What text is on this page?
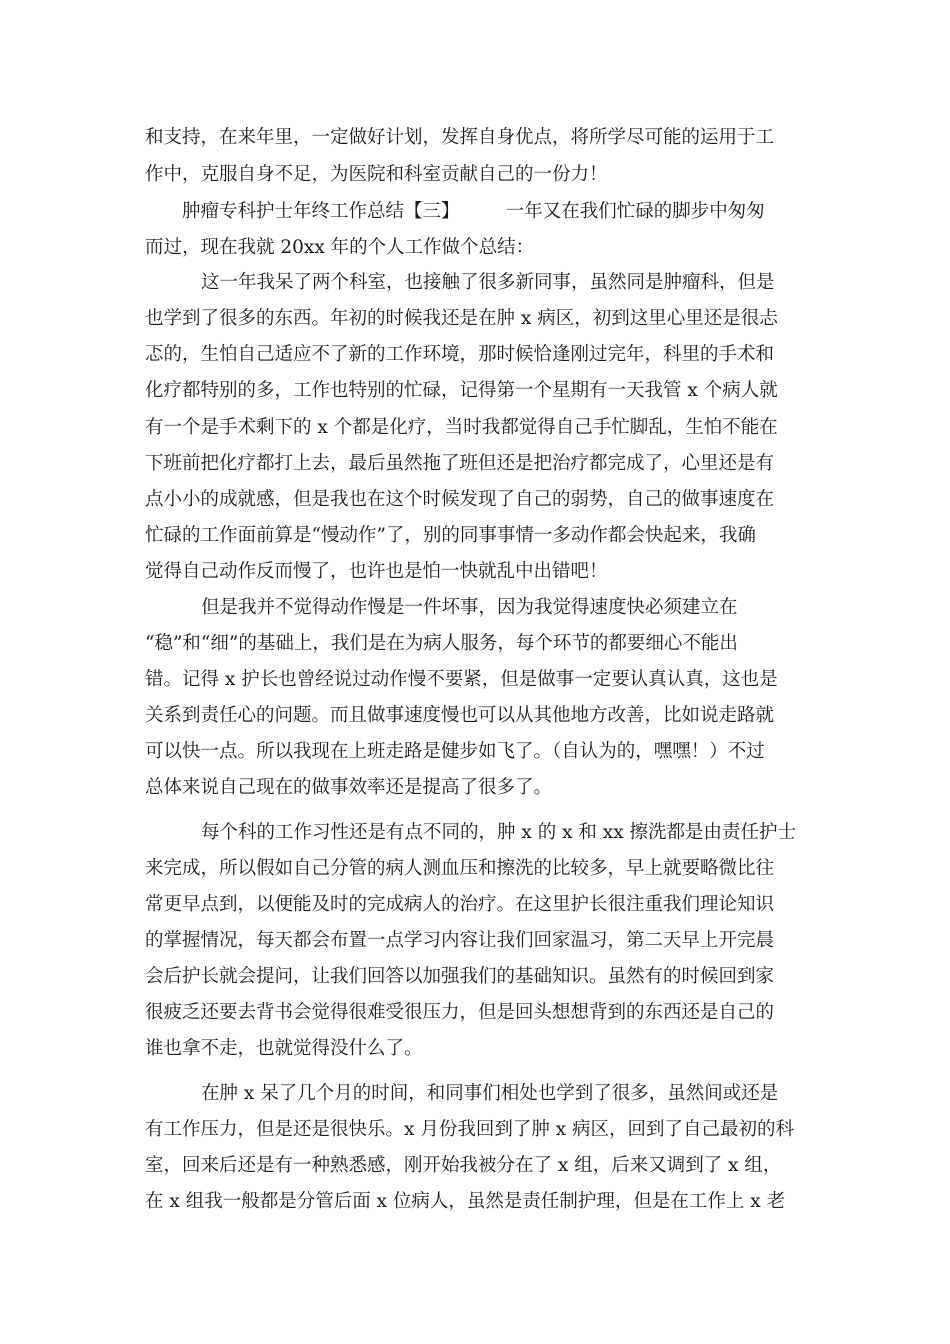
和支持，在来年里，一定做好计划，发挥自身优点，将所学尽可能的运用于工
作中，克服自身不足，为医院和科室贡献自己的一份力！
肿瘤专科护士年终工作总结【三】　　　一年又在我们忙碌的脚步中匆匆
而过，现在我就 20xx 年的个人工作做个总结：
这一年我呆了两个科室，也接触了很多新同事，虽然同是肿瘤科，但是
也学到了很多的东西。年初的时候我还是在肿 x 病区，初到这里心里还是很忐
忑的，生怕自己适应不了新的工作环境，那时候恰逢刚过完年，科里的手术和
化疗都特别的多，工作也特别的忙碌，记得第一个星期有一天我管 x 个病人就
有一个是手术剩下的 x 个都是化疗，当时我都觉得自己手忙脚乱，生怕不能在
下班前把化疗都打上去，最后虽然拖了班但还是把治疗都完成了，心里还是有
点小小的成就感，但是我也在这个时候发现了自己的弱势，自己的做事速度在
忙碌的工作面前算是“慢动作”了，别的同事事情一多动作都会快起来，我确
觉得自己动作反而慢了，也许也是怕一快就乱中出错吧！
但是我并不觉得动作慢是一件坏事，因为我觉得速度快必须建立在
“稳”和“细”的基础上，我们是在为病人服务，每个环节的都要细心不能出
错。记得 x 护长也曾经说过动作慢不要紧，但是做事一定要认真认真，这也是
关系到责任心的问题。而且做事速度慢也可以从其他地方改善，比如说走路就
可以快一点。所以我现在上班走路是健步如飞了。（自认为的，嘿嘿！）不过
总体来说自己现在的做事效率还是提高了很多了。
每个科的工作习性还是有点不同的，肿 x 的 x 和 xx 擦洗都是由责任护士
来完成，所以假如自己分管的病人测血压和擦洗的比较多，早上就要略微比往
常更早点到，以便能及时的完成病人的治疗。在这里护长很注重我们理论知识
的掌握情况，每天都会布置一点学习内容让我们回家温习，第二天早上开完晨
会后护长就会提问，让我们回答以加强我们的基础知识。虽然有的时候回到家
很疲乏还要去背书会觉得很难受很压力，但是回头想想背到的东西还是自己的
谁也拿不走，也就觉得没什么了。
在肿 x 呆了几个月的时间，和同事们相处也学到了很多，虽然间或还是
有工作压力，但是还是很快乐。x 月份我回到了肿 x 病区，回到了自己最初的科
室，回来后还是有一种熟悉感，刚开始我被分在了 x 组，后来又调到了 x 组，
在 x 组我一般都是分管后面 x 位病人，虽然是责任制护理，但是在工作上 x 老
